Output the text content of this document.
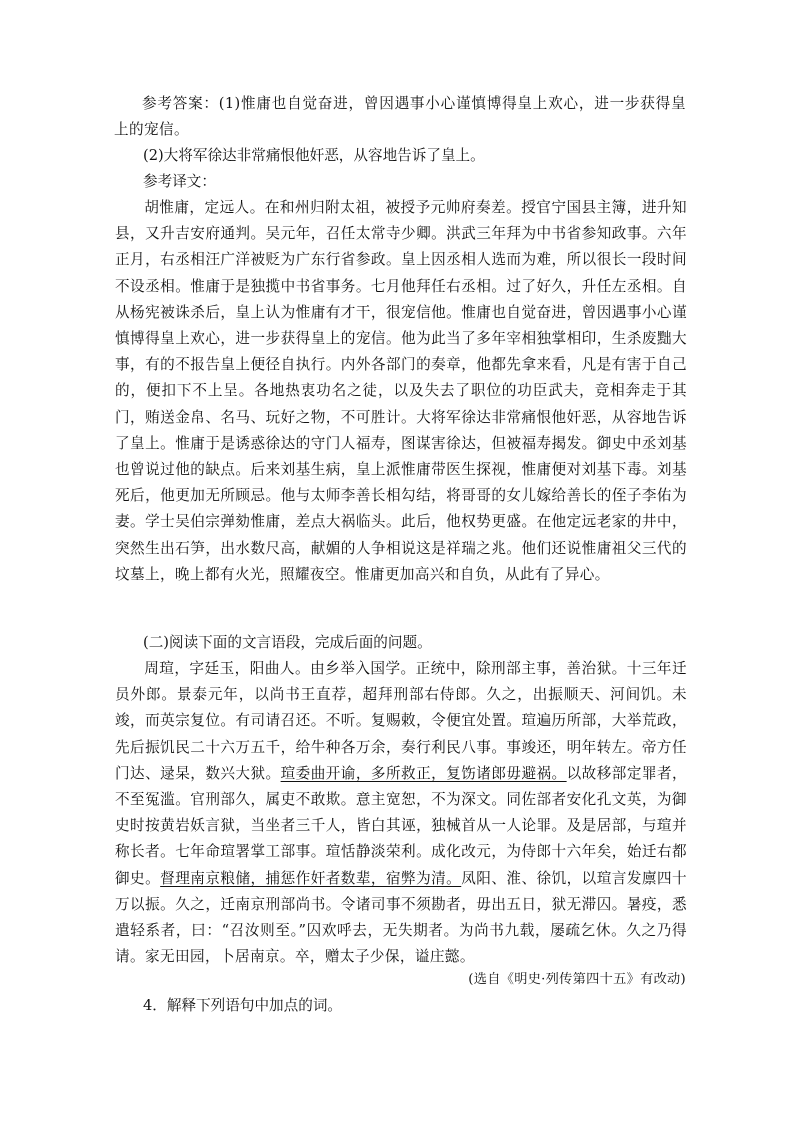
参考答案：(1)惟庸也自觉奋进，曾因遇事小心谨慎博得皇上欢心，进一步获得皇上的宠信。

(2)大将军徐达非常痛恨他奸恶，从容地告诉了皇上。
参考译文：

胡惟庸，定远人。在和州归附太祖，被授予元帅府奏差。授官宁国县主簿，进升知县，又升吉安府通判。吴元年，召任太常寺少卿。洪武三年拜为中书省参知政事。六年正月，右丞相汪广洋被贬为广东行省参政。皇上因丞相人选而为难，所以很长一段时间不设丞相。惟庸于是独揽中书省事务。七月他拜任右丞相。过了好久，升任左丞相。自从杨宪被诛杀后，皇上认为惟庸有才干，很宠信他。惟庸也自觉奋进，曾因遇事小心谨慎博得皇上欢心，进一步获得皇上的宠信。他为此当了多年宰相独掌相印，生杀废黜大事，有的不报告皇上便径自执行。内外各部门的奏章，他都先拿来看，凡是有害于自己的，便扣下不上呈。各地热衷功名之徒，以及失去了职位的功臣武夫，竞相奔走于其门，贿送金帛、名马、玩好之物，不可胜计。大将军徐达非常痛恨他奸恶，从容地告诉了皇上。惟庸于是诱惑徐达的守门人福寿，图谋害徐达，但被福寿揭发。御史中丞刘基也曾说过他的缺点。后来刘基生病，皇上派惟庸带医生探视，惟庸便对刘基下毒。刘基死后，他更加无所顾忌。他与太师李善长相勾结，将哥哥的女儿嫁给善长的侄子李佑为妻。学士吴伯宗弹劾惟庸，差点大祸临头。此后，他权势更盛。在他定远老家的井中，突然生出石笋，出水数尺高，献媚的人争相说这是祥瑞之兆。他们还说惟庸祖父三代的坟墓上，晚上都有火光，照耀夜空。惟庸更加高兴和自负，从此有了异心。

(二)阅读下面的文言语段，完成后面的问题。

周瑄，字廷玉，阳曲人。由乡举入国学。正统中，除刑部主事，善治狱。十三年迁员外郎。景泰元年，以尚书王直荐，超拜刑部右侍郎。久之，出振顺天、河间饥。未竣，而英宗复位。有司请召还。不听。复赐敕，令便宜处置。瑄遍历所部，大举荒政，先后振饥民二十六万五千，给牛种各万余，奏行利民八事。事竣还，明年转左。帝方任门达、逯杲，数兴大狱。瑄委曲开谕，多所救正，复饬诸郎毋避祸。以故移部定罪者，不至冤滥。官刑部久，属吏不敢欺。意主宽恕，不为深文。同佐部者安化孔文英，为御史时按黄岩妖言狱，当坐者三千人，皆白其诬，独械首从一人论罪。及是居部，与瑄并称长者。七年命瑄署掌工部事。瑄恬静淡荣利。成化改元，为侍郎十六年矣，始迁右都御史。督理南京粮储，捕惩作奸者数辈，宿弊为清。凤阳、淮、徐饥，以瑄言发廪四十万以振。久之，迁南京刑部尚书。令诸司事不须勘者，毋出五日，狱无滞囚。暑疫，悉遣轻系者，曰：“召汝则至。”囚欢呼去，无失期者。为尚书九载，屡疏乞休。久之乃得请。家无田园，卜居南京。卒，赠太子少保，谥庄懿。

(选自《明史·列传第四十五》有改动)
4．解释下列语句中加点的词。
